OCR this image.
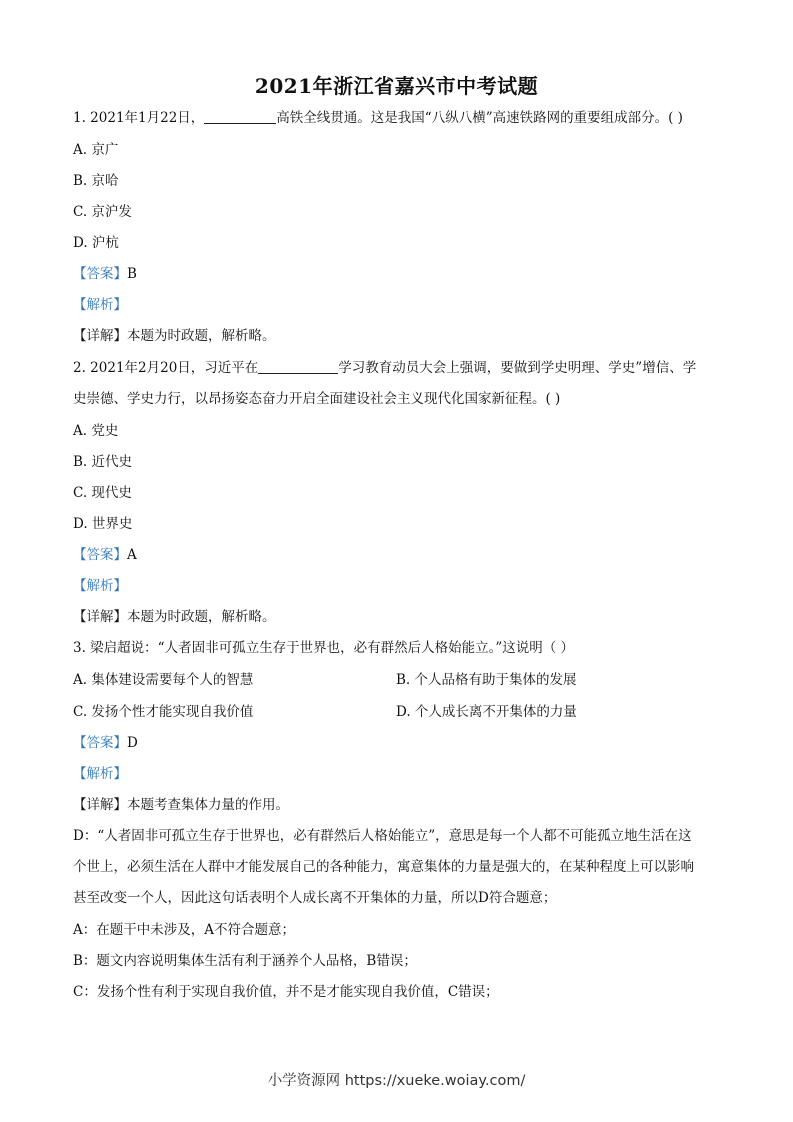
2021年浙江省嘉兴市中考试题
1. 2021年1月22日，	高铁全线贯通。这是我国“八纵八横”高速铁路网的重要组成部分。( )
A. 京广
B. 京哈
C. 京沪发
D. 沪杭
【答案】B
【解析】
【详解】本题为时政题，解析略。
2. 2021年2月20日，习近平在	学习教育动员大会上强调，要做到学史明理、学史”增信、学
史崇德、学史力行，以昂扬姿态奋力开启全面建设社会主义现代化国家新征程。( )
A. 党史
B. 近代史
C. 现代史
D. 世界史
【答案】A
【解析】
【详解】本题为时政题，解析略。
3. 梁启超说：“人者固非可孤立生存于世界也，必有群然后人格始能立。”这说明（ ）
A. 集体建设需要每个人的智慧	B. 个人品格有助于集体的发展
C. 发扬个性才能实现自我价值	D. 个人成长离不开集体的力量
【答案】D
【解析】
【详解】本题考查集体力量的作用。
D：“人者固非可孤立生存于世界也，必有群然后人格始能立”，意思是每一个人都不可能孤立地生活在这
个世上，必须生活在人群中才能发展自己的各种能力，寓意集体的力量是强大的，在某种程度上可以影响
甚至改变一个人，因此这句话表明个人成长离不开集体的力量，所以D符合题意；
A：在题干中未涉及，A不符合题意；
B：题文内容说明集体生活有利于涵养个人品格，B错误；
C：发扬个性有利于实现自我价值，并不是才能实现自我价值，C错误；
小学资源网 https://xueke.woiay.com/
